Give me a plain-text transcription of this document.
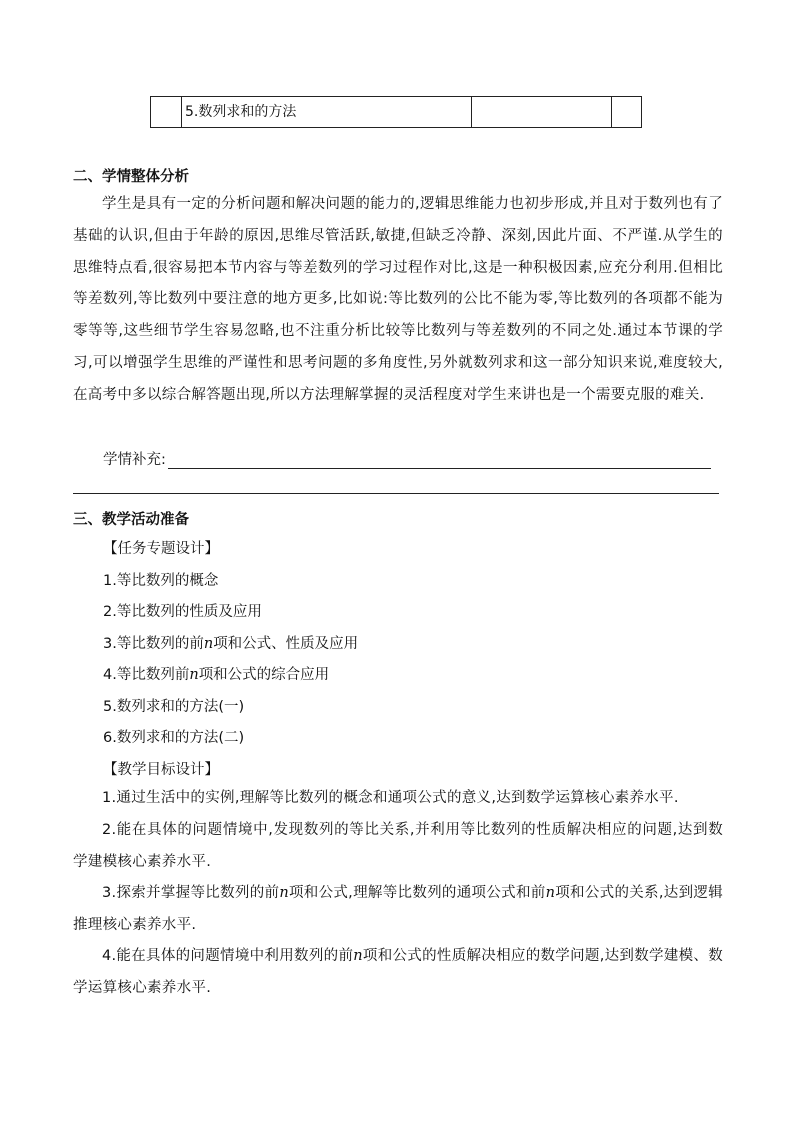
5.数列求和的方法
二、学情整体分析
学生是具有一定的分析问题和解决问题的能力的,逻辑思维能力也初步形成,并且对于数列也有了基础的认识,但由于年龄的原因,思维尽管活跃,敏捷,但缺乏冷静、深刻,因此片面、不严谨.从学生的思维特点看,很容易把本节内容与等差数列的学习过程作对比,这是一种积极因素,应充分利用.但相比等差数列,等比数列中要注意的地方更多,比如说:等比数列的公比不能为零,等比数列的各项都不能为零等等,这些细节学生容易忽略,也不注重分析比较等比数列与等差数列的不同之处.通过本节课的学习,可以增强学生思维的严谨性和思考问题的多角度性,另外就数列求和这一部分知识来说,难度较大,在高考中多以综合解答题出现,所以方法理解掌握的灵活程度对学生来讲也是一个需要克服的难关.
学情补充:
三、教学活动准备
【任务专题设计】
1.等比数列的概念
2.等比数列的性质及应用
3.等比数列的前n项和公式、性质及应用
4.等比数列前n项和公式的综合应用
5.数列求和的方法(一)
6.数列求和的方法(二)
【教学目标设计】
1.通过生活中的实例,理解等比数列的概念和通项公式的意义,达到数学运算核心素养水平.
2.能在具体的问题情境中,发现数列的等比关系,并利用等比数列的性质解决相应的问题,达到数学建模核心素养水平.
3.探索并掌握等比数列的前n项和公式,理解等比数列的通项公式和前n项和公式的关系,达到逻辑推理核心素养水平.
4.能在具体的问题情境中利用数列的前n项和公式的性质解决相应的数学问题,达到数学建模、数学运算核心素养水平.
